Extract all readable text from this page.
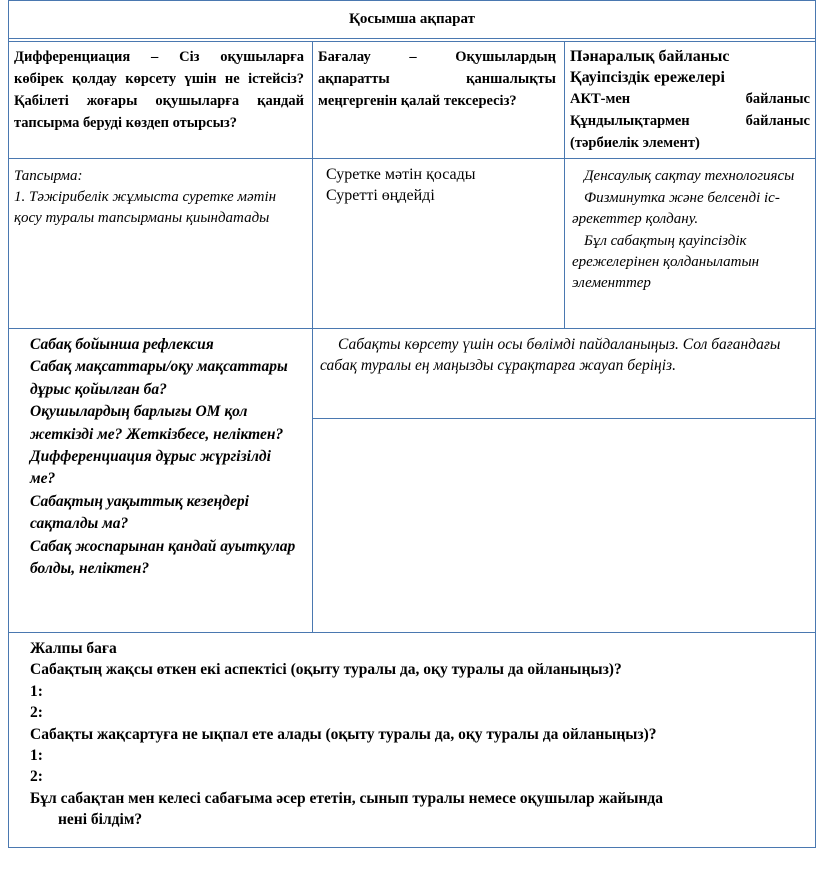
Қосымша ақпарат
Дифференциация – Сіз оқушыларға көбірек қолдау көрсету үшін не істейсіз? Қабілеті жоғары оқушыларға қандай тапсырма беруді көздеп отырсыз?
Бағалау – Оқушылардың ақпаратты қаншалықты меңгергенін қалай тексересіз?

Пәнаралық байланыс

Қауіпсіздік ережелері

АКТ-мен байланыс

Құндылықтармен байланыс

(тәрбиелік элемент)

Тапсырма:

1. Тәжірибелік жұмыста суретке мәтін қосу туралы тапсырманы қиындатады

Суретке мәтін қосады

Суретті өңдейді

Денсаулық сақтау технологиясы

Физминутка және белсенді іс-әрекеттер қолдану.

Бұл сабақтың қауіпсіздік ережелерінен қолданылатын элементтер

Сабақ бойынша рефлексия

Сабақ мақсаттары/оқу мақсаттары дұрыс қойылған ба?

Оқушылардың барлығы ОМ қол жеткізді ме? Жеткізбесе, неліктен?

Дифференциация дұрыс жүргізілді ме?

Сабақтың уақыттық кезеңдері сақталды ма?

Сабақ жоспарынан қандай ауытқулар болды, неліктен?

Сабақты көрсету үшін осы бөлімді пайдаланыңыз. Сол бағандағы сабақ туралы ең маңызды сұрақтарға жауап беріңіз.

Жалпы баға

Сабақтың жақсы өткен екі аспектісі (оқыту туралы да, оқу туралы да ойланыңыз)?

1:

2:

Сабақты жақсартуға не ықпал ете алады (оқыту туралы да, оқу туралы да ойланыңыз)?

1:

2:

Бұл сабақтан мен келесі сабағыма әсер ететін, сынып туралы немесе оқушылар жайында

нені білдім?
